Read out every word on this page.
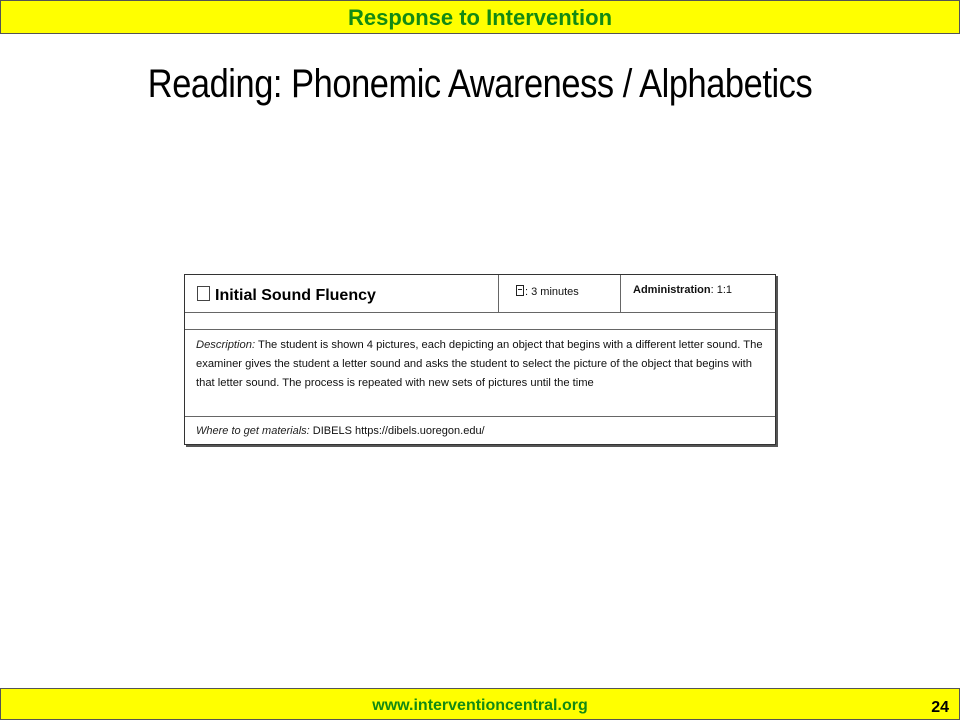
Response to Intervention
Reading: Phonemic Awareness / Alphabetics
Initial Sound Fluency	: 3 minutes	Administration: 1:1
Description: The student is shown 4 pictures, each depicting an object that begins with a different letter sound. The examiner gives the student a letter sound and asks the student to select the picture of the object that begins with that letter sound. The process is repeated with new sets of pictures until the time
Where to get materials: DIBELS https://dibels.uoregon.edu/
www.interventioncentral.org	24
